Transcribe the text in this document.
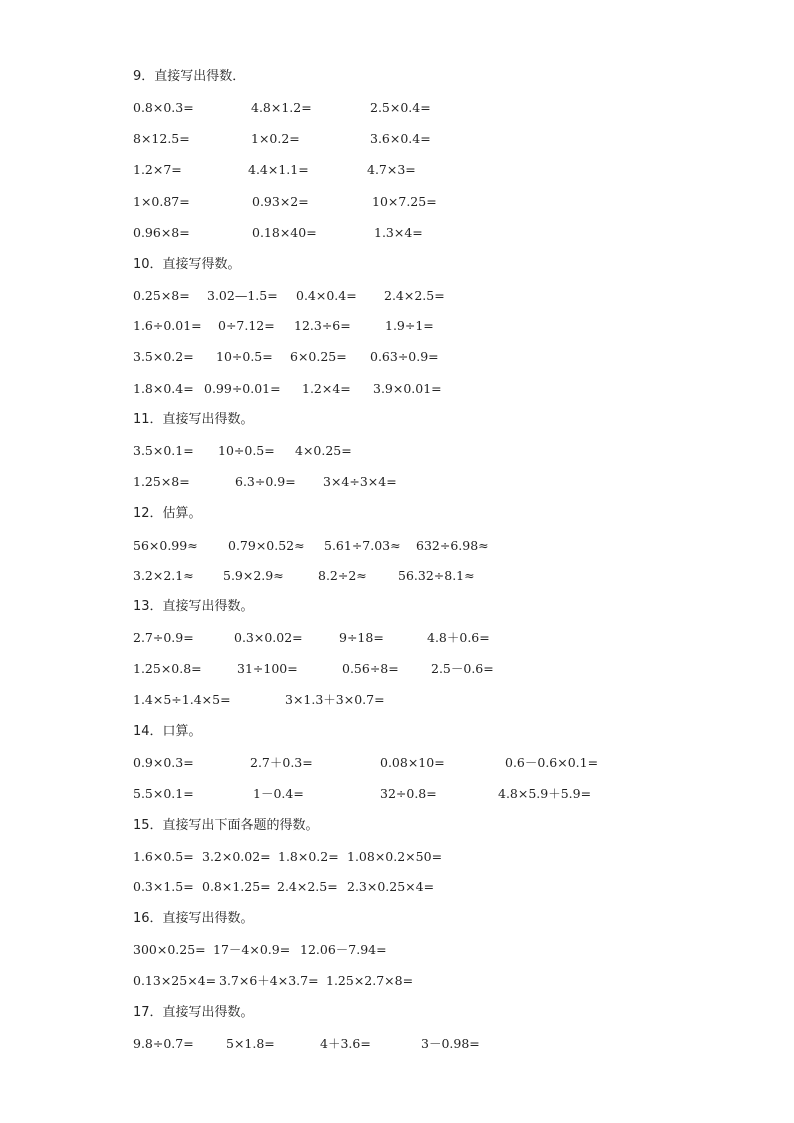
9．直接写出得数．
0.8×0.3=	4.8×1.2=	2.5×0.4=
8×12.5=	1×0.2=	3.6×0.4=
1.2×7=	4.4×1.1=	4.7×3=
1×0.87=	0.93×2=	10×7.25=
0.96×8=	0.18×40=	1.3×4=
10．直接写得数。
0.25×8= 3.02—1.5= 0.4×0.4= 2.4×2.5=
1.6÷0.01= 0÷7.12= 12.3÷6=	1.9÷1=
3.5×0.2= 10÷0.5= 6×0.25= 0.63÷0.9=
1.8×0.4= 0.99÷0.01= 1.2×4= 3.9×0.01=
11．直接写出得数。
3.5×0.1= 10÷0.5= 4×0.25=
1.25×8=	6.3÷0.9= 3×4÷3×4=
12．估算。
56×0.99≈ 0.79×0.52≈ 5.61÷7.03≈ 632÷6.98≈
3.2×2.1≈ 5.9×2.9≈	8.2÷2≈ 56.32÷8.1≈
13．直接写出得数。
2.7÷0.9=	0.3×0.02=	9÷18=	4.8＋0.6=
1.25×0.8=	31÷100=	0.56÷8=	2.5－0.6=
1.4×5÷1.4×5=	3×1.3＋3×0.7=
14．口算。
0.9×0.3=	2.7＋0.3=	0.08×10=	0.6－0.6×0.1=
5.5×0.1=	1－0.4=	32÷0.8=	4.8×5.9＋5.9=
15．直接写出下面各题的得数。
1.6×0.5= 3.2×0.02= 1.8×0.2= 1.08×0.2×50=
0.3×1.5= 0.8×1.25= 2.4×2.5= 2.3×0.25×4=
16．直接写出得数。
300×0.25= 17－4×0.9= 12.06－7.94=
0.13×25×4= 3.7×6＋4×3.7= 1.25×2.7×8=
17．直接写出得数。
9.8÷0.7=	5×1.8=	4＋3.6=	3－0.98=
